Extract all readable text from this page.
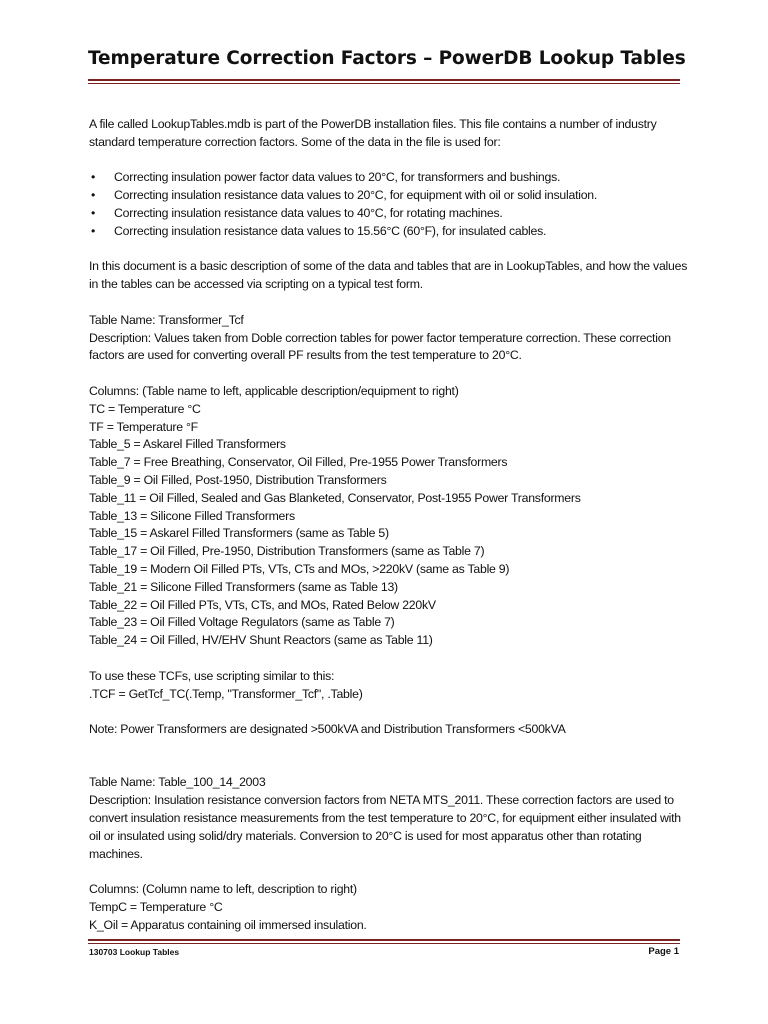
Temperature Correction Factors – PowerDB Lookup Tables

A file called LookupTables.mdb is part of the PowerDB installation files. This file contains a number of industry standard temperature correction factors. Some of the data in the file is used for:

• Correcting insulation power factor data values to 20°C, for transformers and bushings.
• Correcting insulation resistance data values to 20°C, for equipment with oil or solid insulation.
• Correcting insulation resistance data values to 40°C, for rotating machines.
• Correcting insulation resistance data values to 15.56°C (60°F), for insulated cables.

In this document is a basic description of some of the data and tables that are in LookupTables, and how the values in the tables can be accessed via scripting on a typical test form.

Table Name: Transformer_Tcf

Description: Values taken from Doble correction tables for power factor temperature correction. These correction factors are used for converting overall PF results from the test temperature to 20°C.

Columns: (Table name to left, applicable description/equipment to right)

TC = Temperature °C

TF = Temperature °F

Table_5 = Askarel Filled Transformers

Table_7 = Free Breathing, Conservator, Oil Filled, Pre-1955 Power Transformers

Table_9 = Oil Filled, Post-1950, Distribution Transformers

Table_11 = Oil Filled, Sealed and Gas Blanketed, Conservator, Post-1955 Power Transformers

Table_13 = Silicone Filled Transformers

Table_15 = Askarel Filled Transformers (same as Table 5)

Table_17 = Oil Filled, Pre-1950, Distribution Transformers (same as Table 7)

Table_19 = Modern Oil Filled PTs, VTs, CTs and MOs, >220kV (same as Table 9)

Table_21 = Silicone Filled Transformers (same as Table 13)

Table_22 = Oil Filled PTs, VTs, CTs, and MOs, Rated Below 220kV

Table_23 = Oil Filled Voltage Regulators (same as Table 7)

Table_24 = Oil Filled, HV/EHV Shunt Reactors (same as Table 11)

To use these TCFs, use scripting similar to this:

.TCF = GetTcf_TC(.Temp, "Transformer_Tcf", .Table)

Note: Power Transformers are designated >500kVA and Distribution Transformers <500kVA

Table Name: Table_100_14_2003

Description: Insulation resistance conversion factors from NETA MTS_2011. These correction factors are used to convert insulation resistance measurements from the test temperature to 20°C, for equipment either insulated with oil or insulated using solid/dry materials. Conversion to 20°C is used for most apparatus other than rotating machines.

Columns: (Column name to left, description to right)

TempC = Temperature °C

K_Oil = Apparatus containing oil immersed insulation.

130703 Lookup Tables	Page 1
